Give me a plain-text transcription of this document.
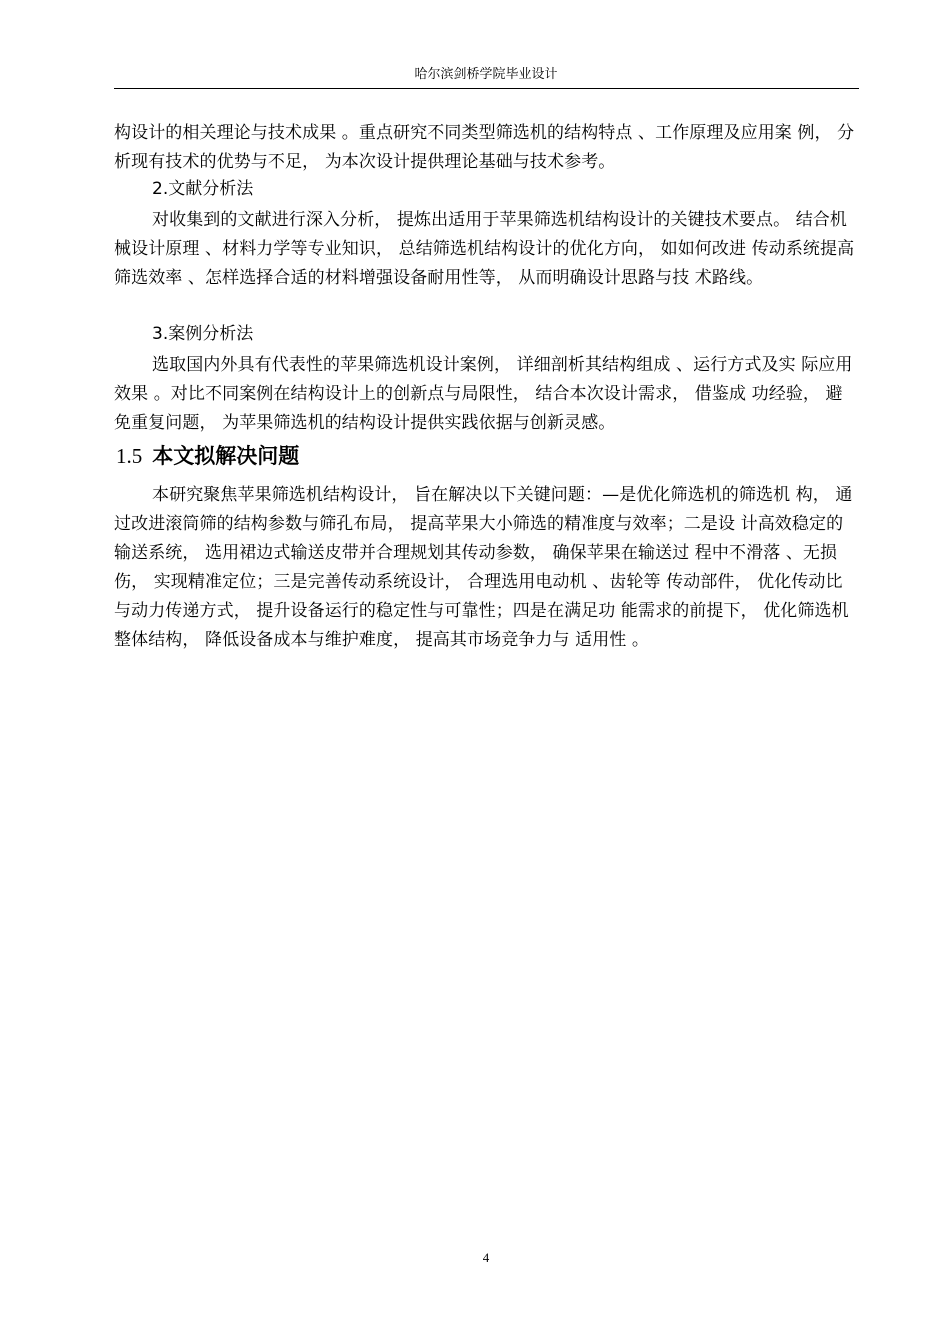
哈尔滨剑桥学院毕业设计

构设计的相关理论与技术成果 。重点研究不同类型筛选机的结构特点 、工作原理及应用案 例， 分析现有技术的优势与不足， 为本次设计提供理论基础与技术参考。

2.文献分析法

对收集到的文献进行深入分析， 提炼出适用于苹果筛选机结构设计的关键技术要点。 结合机械设计原理 、材料力学等专业知识， 总结筛选机结构设计的优化方向， 如如何改进 传动系统提高筛选效率 、怎样选择合适的材料增强设备耐用性等， 从而明确设计思路与技 术路线。

3.案例分析法

选取国内外具有代表性的苹果筛选机设计案例， 详细剖析其结构组成 、运行方式及实 际应用效果 。对比不同案例在结构设计上的创新点与局限性， 结合本次设计需求， 借鉴成 功经验， 避免重复问题， 为苹果筛选机的结构设计提供实践依据与创新灵感。

1.5 本文拟解决问题

本研究聚焦苹果筛选机结构设计， 旨在解决以下关键问题：—是优化筛选机的筛选机 构， 通过改进滚筒筛的结构参数与筛孔布局， 提高苹果大小筛选的精准度与效率；二是设 计高效稳定的输送系统， 选用裙边式输送皮带并合理规划其传动参数， 确保苹果在输送过 程中不滑落 、无损伤， 实现精准定位；三是完善传动系统设计， 合理选用电动机 、齿轮等 传动部件， 优化传动比与动力传递方式， 提升设备运行的稳定性与可靠性；四是在满足功 能需求的前提下， 优化筛选机整体结构， 降低设备成本与维护难度， 提高其市场竞争力与 适用性 。

4
